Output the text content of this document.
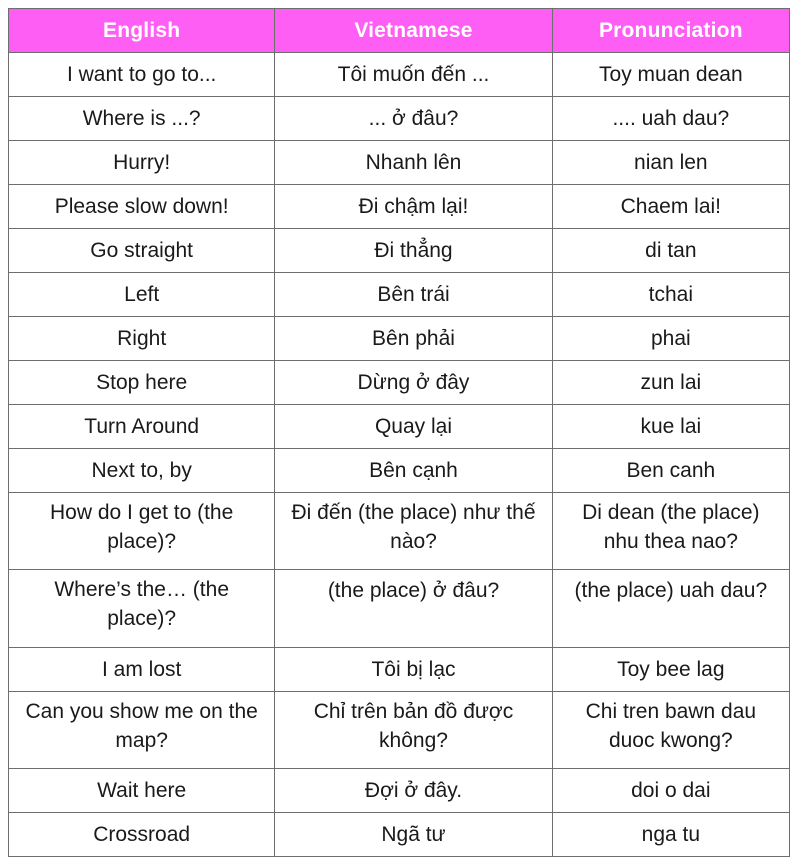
English	Vietnamese	Pronunciation
I want to go to...	Tôi muốn đến ...	Toy muan dean
Where is ...?	... ở đâu?	.... uah dau?
Hurry!	Nhanh lên	nian len
Please slow down!	Đi chậm lại!	Chaem lai!
Go straight	Đi thẳng	di tan
Left	Bên trái	tchai
Right	Bên phải	phai
Stop here	Dừng ở đây	zun lai
Turn Around	Quay lại	kue lai
Next to, by	Bên cạnh	Ben canh
How do I get to (the place)?	Đi đến (the place) như thế nào?	Di dean (the place) nhu thea nao?
Where’s the… (the place)?	(the place) ở đâu?	(the place) uah dau?
I am lost	Tôi bị lạc	Toy bee lag
Can you show me on the map?	Chỉ trên bản đồ được không?	Chi tren bawn dau duoc kwong?
Wait here	Đợi ở đây.	doi o dai
Crossroad	Ngã tư	nga tu
